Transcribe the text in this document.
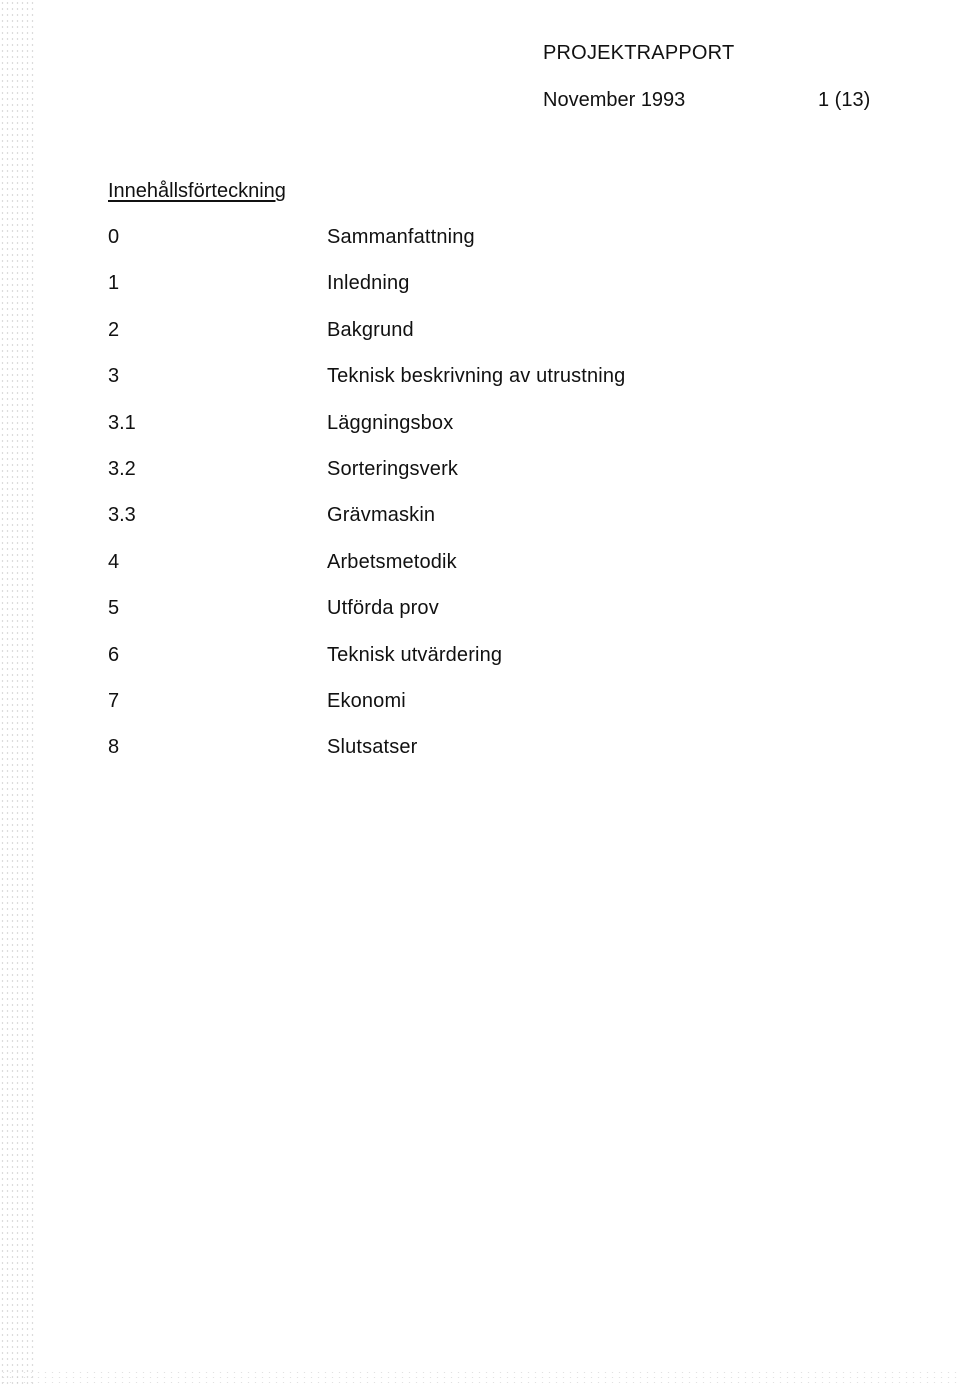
PROJEKTRAPPORT
November 1993	1 (13)
Innehållsförteckning
0	Sammanfattning
1	Inledning
2	Bakgrund
3	Teknisk beskrivning av utrustning
3.1	Läggningsbox
3.2	Sorteringsverk
3.3	Grävmaskin
4	Arbetsmetodik
5	Utförda prov
6	Teknisk utvärdering
7	Ekonomi
8	Slutsatser
